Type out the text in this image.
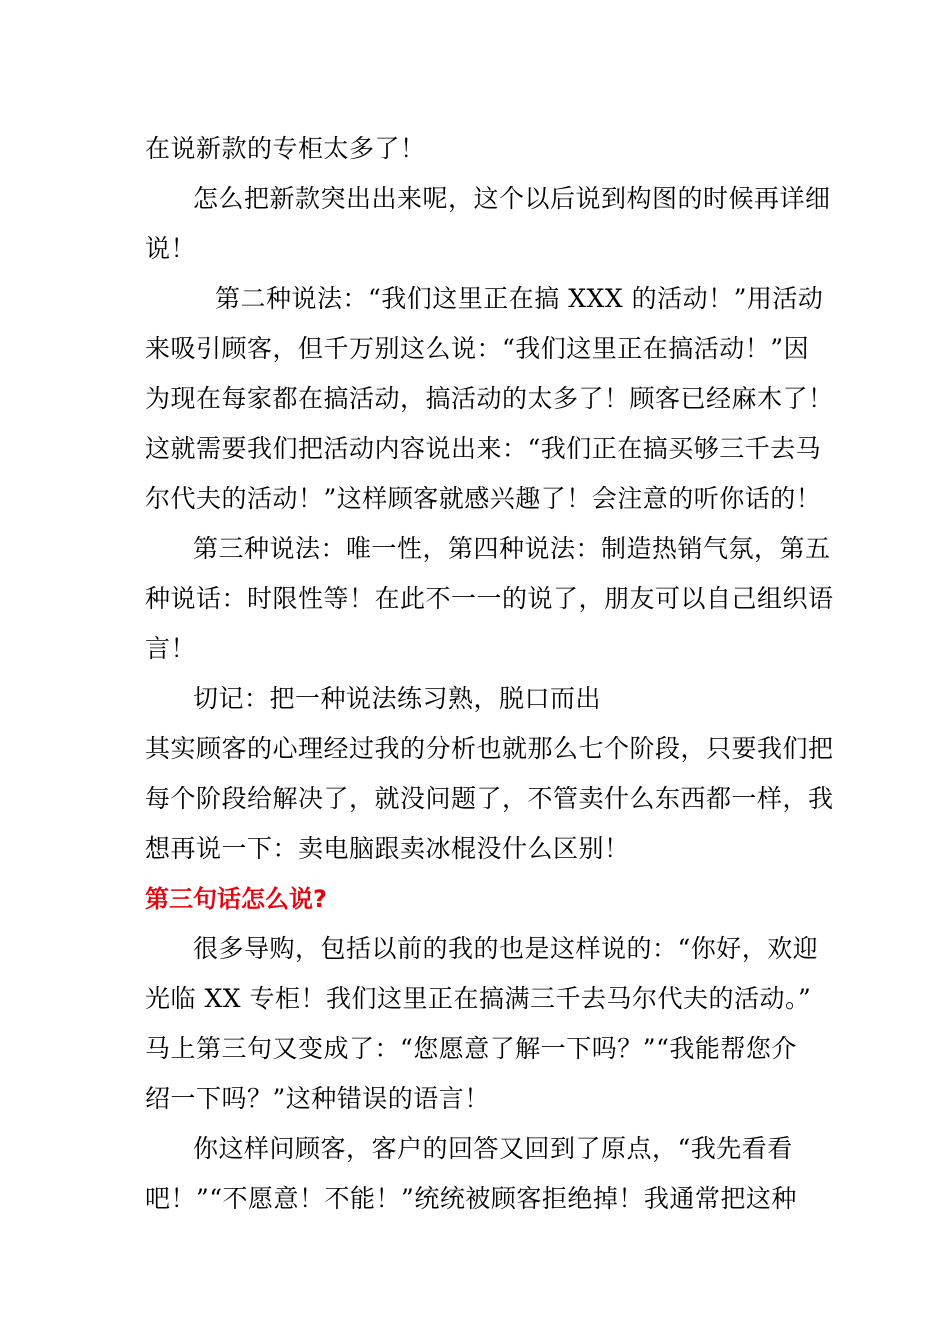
在说新款的专柜太多了！
怎么把新款突出出来呢，这个以后说到构图的时候再详细
说！
第二种说法：“我们这里正在搞 XXX 的活动！”用活动
来吸引顾客，但千万别这么说：“我们这里正在搞活动！”因
为现在每家都在搞活动，搞活动的太多了！顾客已经麻木了！
这就需要我们把活动内容说出来：“我们正在搞买够三千去马
尔代夫的活动！”这样顾客就感兴趣了！会注意的听你话的！
第三种说法：唯一性，第四种说法：制造热销气氛，第五
种说话：时限性等！在此不一一的说了，朋友可以自己组织语
言！
切记：把一种说法练习熟，脱口而出
其实顾客的心理经过我的分析也就那么七个阶段，只要我们把
每个阶段给解决了，就没问题了，不管卖什么东西都一样，我
想再说一下：卖电脑跟卖冰棍没什么区别！
第三句话怎么说?
很多导购，包括以前的我的也是这样说的：“你好，欢迎
光临 XX 专柜！我们这里正在搞满三千去马尔代夫的活动。”
马上第三句又变成了：“您愿意了解一下吗？”“我能帮您介
绍一下吗？”这种错误的语言！
你这样问顾客，客户的回答又回到了原点，“我先看看
吧！”“不愿意！不能！”统统被顾客拒绝掉！我通常把这种
